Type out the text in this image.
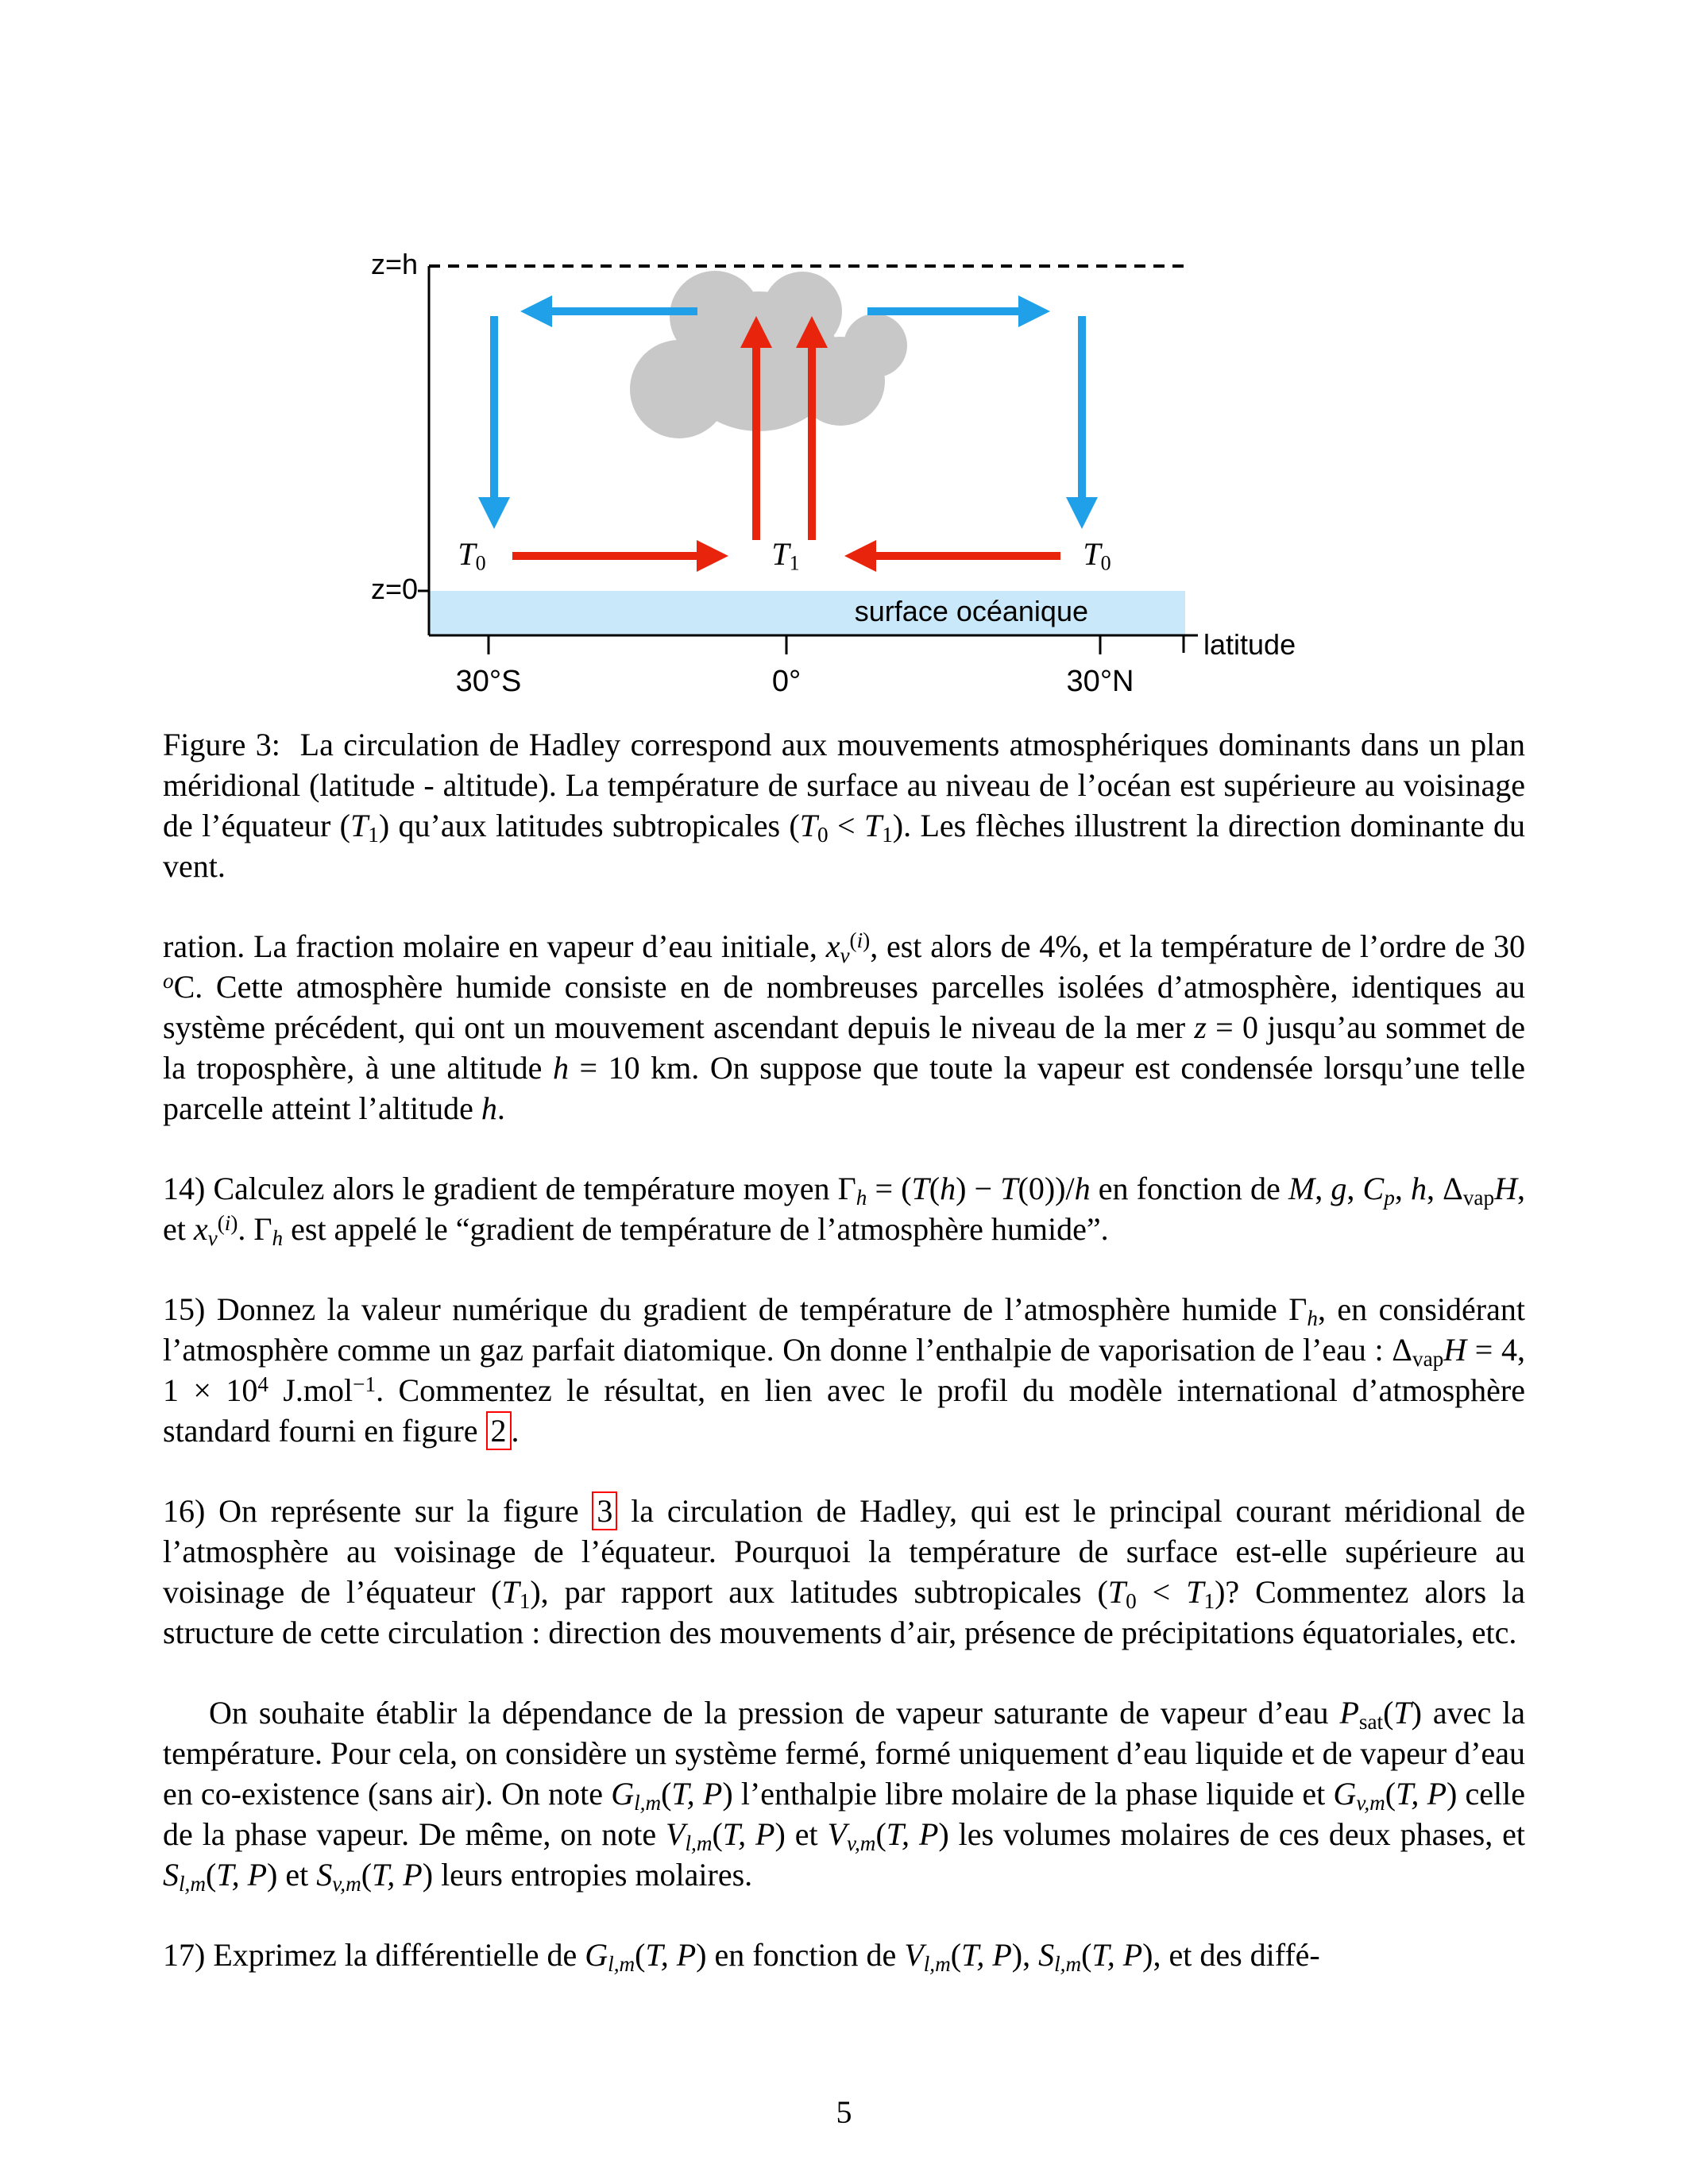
z=h
z=0
surface océanique
latitude
30°S	0°	30°N
$T_0$	$T_1$	$T_0$
Figure 3:  La circulation de Hadley correspond aux mouvements atmosphériques dominants dans un plan méridional (latitude - altitude). La température de surface au niveau de l’océan est supérieure au voisinage de l’équateur $(T_1)$ qu’aux latitudes subtropicales $(T_0 < T_1)$. Les flèches illustrent la direction dominante du vent.
ration. La fraction molaire en vapeur d’eau initiale, $x_v^{(i)}$, est alors de 4%, et la température de l’ordre de 30 $^o$C. Cette atmosphère humide consiste en de nombreuses parcelles isolées d’atmosphère, identiques au système précédent, qui ont un mouvement ascendant depuis le niveau de la mer z = 0 jusqu’au sommet de la troposphère, à une altitude h = 10 km. On suppose que toute la vapeur est condensée lorsqu’une telle parcelle atteint l’altitude h.
14) Calculez alors le gradient de température moyen $\Gamma_h = (T(h) - T(0))/h$ en fonction de M, g, $C_p$, h, $\Delta_{vap}H$, et $x_v^{(i)}$. $\Gamma_h$ est appelé le “gradient de température de l’atmosphère humide”.
15) Donnez la valeur numérique du gradient de température de l’atmosphère humide $\Gamma_h$, en considérant l’atmosphère comme un gaz parfait diatomique. On donne l’enthalpie de vaporisation de l’eau : $\Delta_{vap}H = 4$, $1 \times 10^4$ J.mol$^{-1}$. Commentez le résultat, en lien avec le profil du modèle international d’atmosphère standard fourni en figure 2 .
16) On représente sur la figure 3 la circulation de Hadley, qui est le principal courant méridional de l’atmosphère au voisinage de l’équateur. Pourquoi la température de surface est-elle supérieure au voisinage de l’équateur $(T_1)$, par rapport aux latitudes subtropicales $(T_0 < T_1)$? Commentez alors la structure de cette circulation : direction des mouvements d’air, présence de précipitations équatoriales, etc.
On souhaite établir la dépendance de la pression de vapeur saturante de vapeur d’eau $P_{sat}(T)$ avec la température. Pour cela, on considère un système fermé, formé uniquement d’eau liquide et de vapeur d’eau en co-existence (sans air). On note $G_{l,m}(T$, P) l’enthalpie libre molaire de la phase liquide et $G_{v,m}(T$, P) celle de la phase vapeur. De même, on note $V_{l,m}(T$, P) et $V_{v,m}(T$, P) les volumes molaires de ces deux phases, et $S_{l,m}(T$, P) et $S_{v,m}(T$, P) leurs entropies molaires.
17) Exprimez la différentielle de $G_{l,m}(T$, P) en fonction de $V_{l,m}(T$, P), $S_{l,m}(T$, P), et des diffé-
5
